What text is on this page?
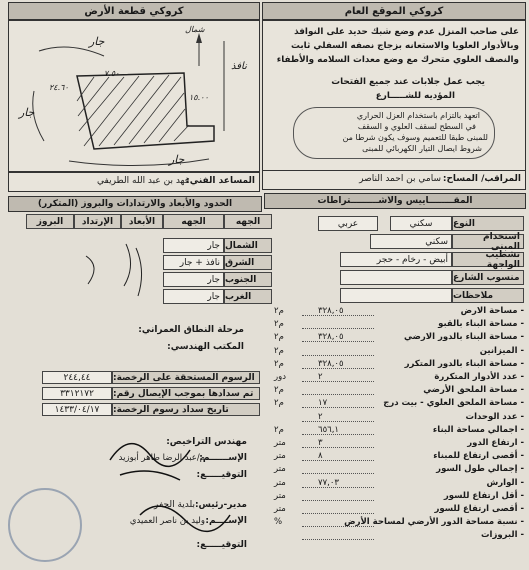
كروكي الموقع العام
كروكي قطعة الأرض
على صاحب المنزل عدم وضع شبك حديد على النوافذ
وبالأدوار العلويا والاستعانه بزجاج نصفه السفلي ثابت
والنصف العلوي متحرك مع وضع معدات السلامه والأطفاء
يجب عمل جلابات عند جميع الفتحات
المؤديه للشـــــارع
اتعهد بالتزام باستخدام العزل الحراري
في السطح لسقف العلوي و السقف
للمبنى طبقا للتعميم وسوف يكون شرطا من
شروط ايصال التيار الكهربائي للمبنى
شمال
جار
جار
جار
نافذ
٧.٥٠
٢٤.٦٠
١٥.٠٠
المساعد الفني:
فهد بن عبد الله الطريفي	المراقب/ المساح:
سامي بن احمد الناصر
الحدود والأبعاد والارتدادات والبروز (المتكرر)	المقــــــــاييس والاشـــــــــتراطات
الجهه
الجهه
الأبعاد
الإرتداد
البروز
الشمال
جار
الشرق
نافذ + جار
الجنوب
جار
الغرب
جار
مرحلة النطاق العمراني:
المكتب الهندسي:
الرسوم المستحقة على الرخصة:
٢٤٤,٤٤
تم سدادها بموجب الإيصال رقم:
٣٣١٢١٧٢
تاريخ سداد رسوم الرخصة:
١٤٣٣/٠٤/١٧
مهندس التراخيص:
الإســــــم:
م/عبد الرضا طاهر أبوزيد
التوقيـــــع:
مدير-رئيس:
بلدية الجفر
الإســــم:
وليد بن ناصر العميدي
التوقيـــــع:
النوع
سكني
عربي
استخدام المبنى
سكني
تشطيب الواجهة
أبيض - رخام - حجر
منسوب الشارع
ملاحظات
- مساحة الارض
٣٢٨,٠٥
م٢
- مساحة البناء بالقبو
م٢
- مساحة البناء بالدور الارضي
٣٢٨,٠٥
م٢
- الميزانين
م٢
- مساحة البناء بالدور المتكرر
٣٢٨,٠٥
م٢
- عدد الأدوار المتكررة
٢
دور
- مساحة الملحق الأرضي
م٢
- مساحة الملحق العلوي - بيت درج
١٧
م٢
- عدد الوحدات
٢
- اجمالي مساحة البناء
٦٥٦,١
م٢
- ارتفاع الدور
٣
متر
- أقصى ارتفاع للمبناء
٨
متر
- إجمالي طول السور
متر
- الوارش
٧٧,٠٣
متر
- أقل ارتفاع للسور
متر
- أقصى ارتفاع للسور
متر
- نسبة مساحة الدور الأرضي لمساحة الأرض
%
- البروزات
